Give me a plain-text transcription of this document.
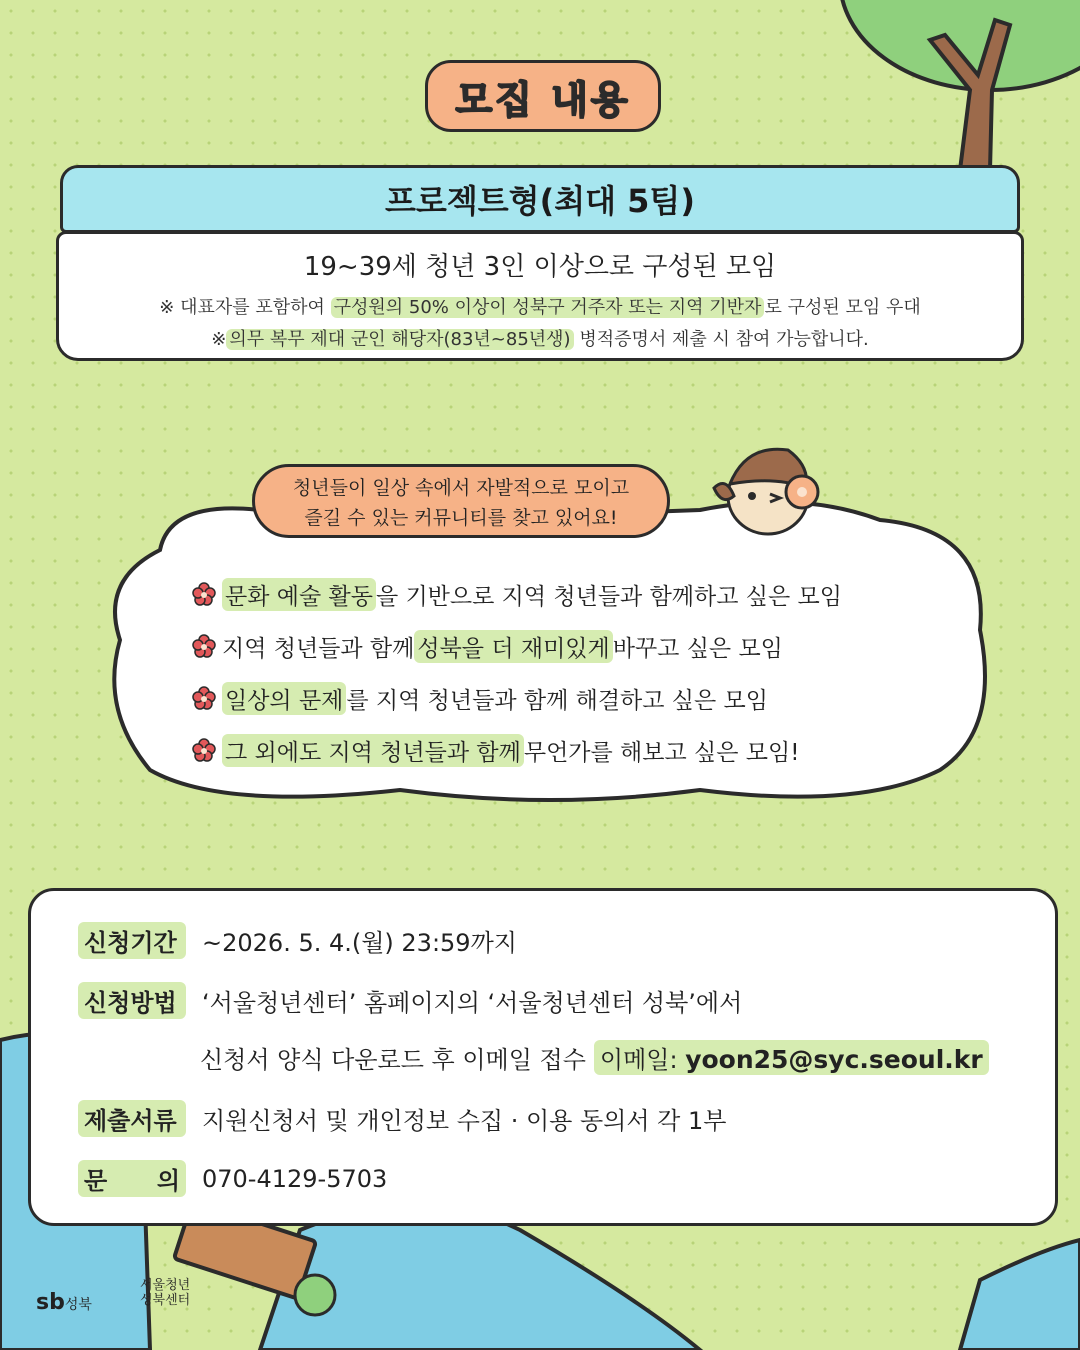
모집 내용
프로젝트형(최대 5팀)
19~39세 청년 3인 이상으로 구성된 모임
※ 대표자를 포함하여 구성원의 50% 이상이 성북구 거주자 또는 지역 기반자 로 구성된 모임 우대
※ 의무 복무 제대 군인 해당자(83년~85년생) 병적증명서 제출 시 참여 가능합니다.
청년들이 일상 속에서 자발적으로 모이고
즐길 수 있는 커뮤니티를 찾고 있어요!
문화 예술 활동 을 기반으로 지역 청년들과 함께하고 싶은 모임
지역 청년들과 함께 성북을 더 재미있게 바꾸고 싶은 모임
일상의 문제 를 지역 청년들과 함께 해결하고 싶은 모임
그 외에도 지역 청년들과 함께 무언가를 해보고 싶은 모임!
신청기간	~2026. 5. 4.(월) 23:59까지
신청방법	‘서울청년센터’ 홈페이지의 ‘서울청년센터 성북’에서
신청서 양식 다운로드 후 이메일 접수 이메일: yoon25@syc.seoul.kr
제출서류	지원신청서 및 개인정보 수집 · 이용 동의서 각 1부
문 의 070-4129-5703
sb성북
서울청년
성북센터
